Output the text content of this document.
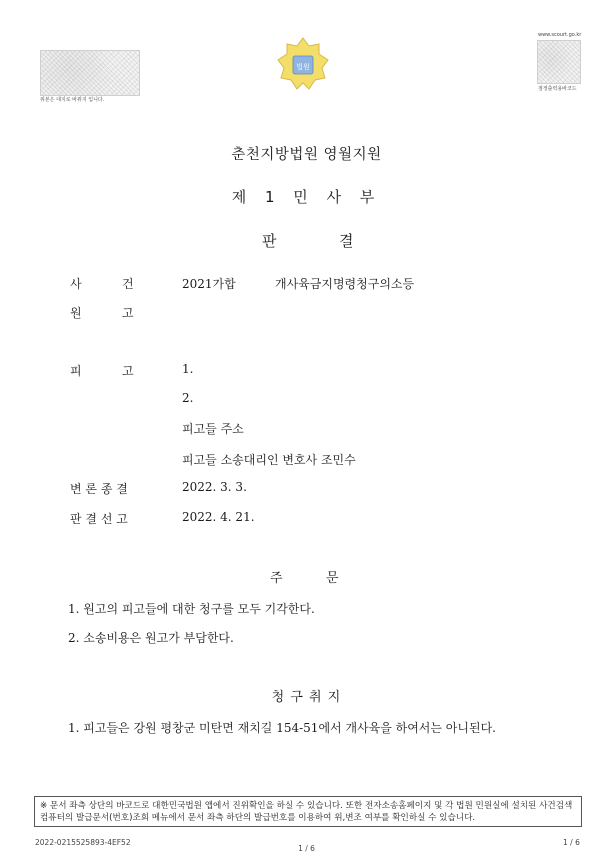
위본은 대지로 바꿔지 입니다.
법원
www.scourt.go.kr
점정출력용바코드
춘천지방법원 영월지원
제 1 민 사 부
판	결
사	건	2021가합	개사육금지명령청구의소등
원	고
피	고	1.
2.
피고들 주소
피고들 소송대리인 변호사 조민수
변 론 종 결	2022. 3. 3.
판 결 선 고	2022. 4. 21.
주	문
1. 원고의 피고들에 대한 청구를 모두 기각한다.
2. 소송비용은 원고가 부담한다.
청 구 취 지
1. 피고들은 강원 평창군 미탄면 재치길 154-51에서 개사육을 하여서는 아니된다.
※ 문서 좌측 상단의 바코드로 대한민국법원 앱에서 진위확인을 하실 수 있습니다. 또한 전자소송홈페이지 및 각 법원 민원실에 설치된 사건검색 컴퓨터의 발급문서(번호)조회 메뉴에서 문서 좌측 하단의 발급번호를 이용하여 위,변조 여부를 확인하실 수 있습니다.
2022-0215525893-4EF52
1 / 6
1 / 6
